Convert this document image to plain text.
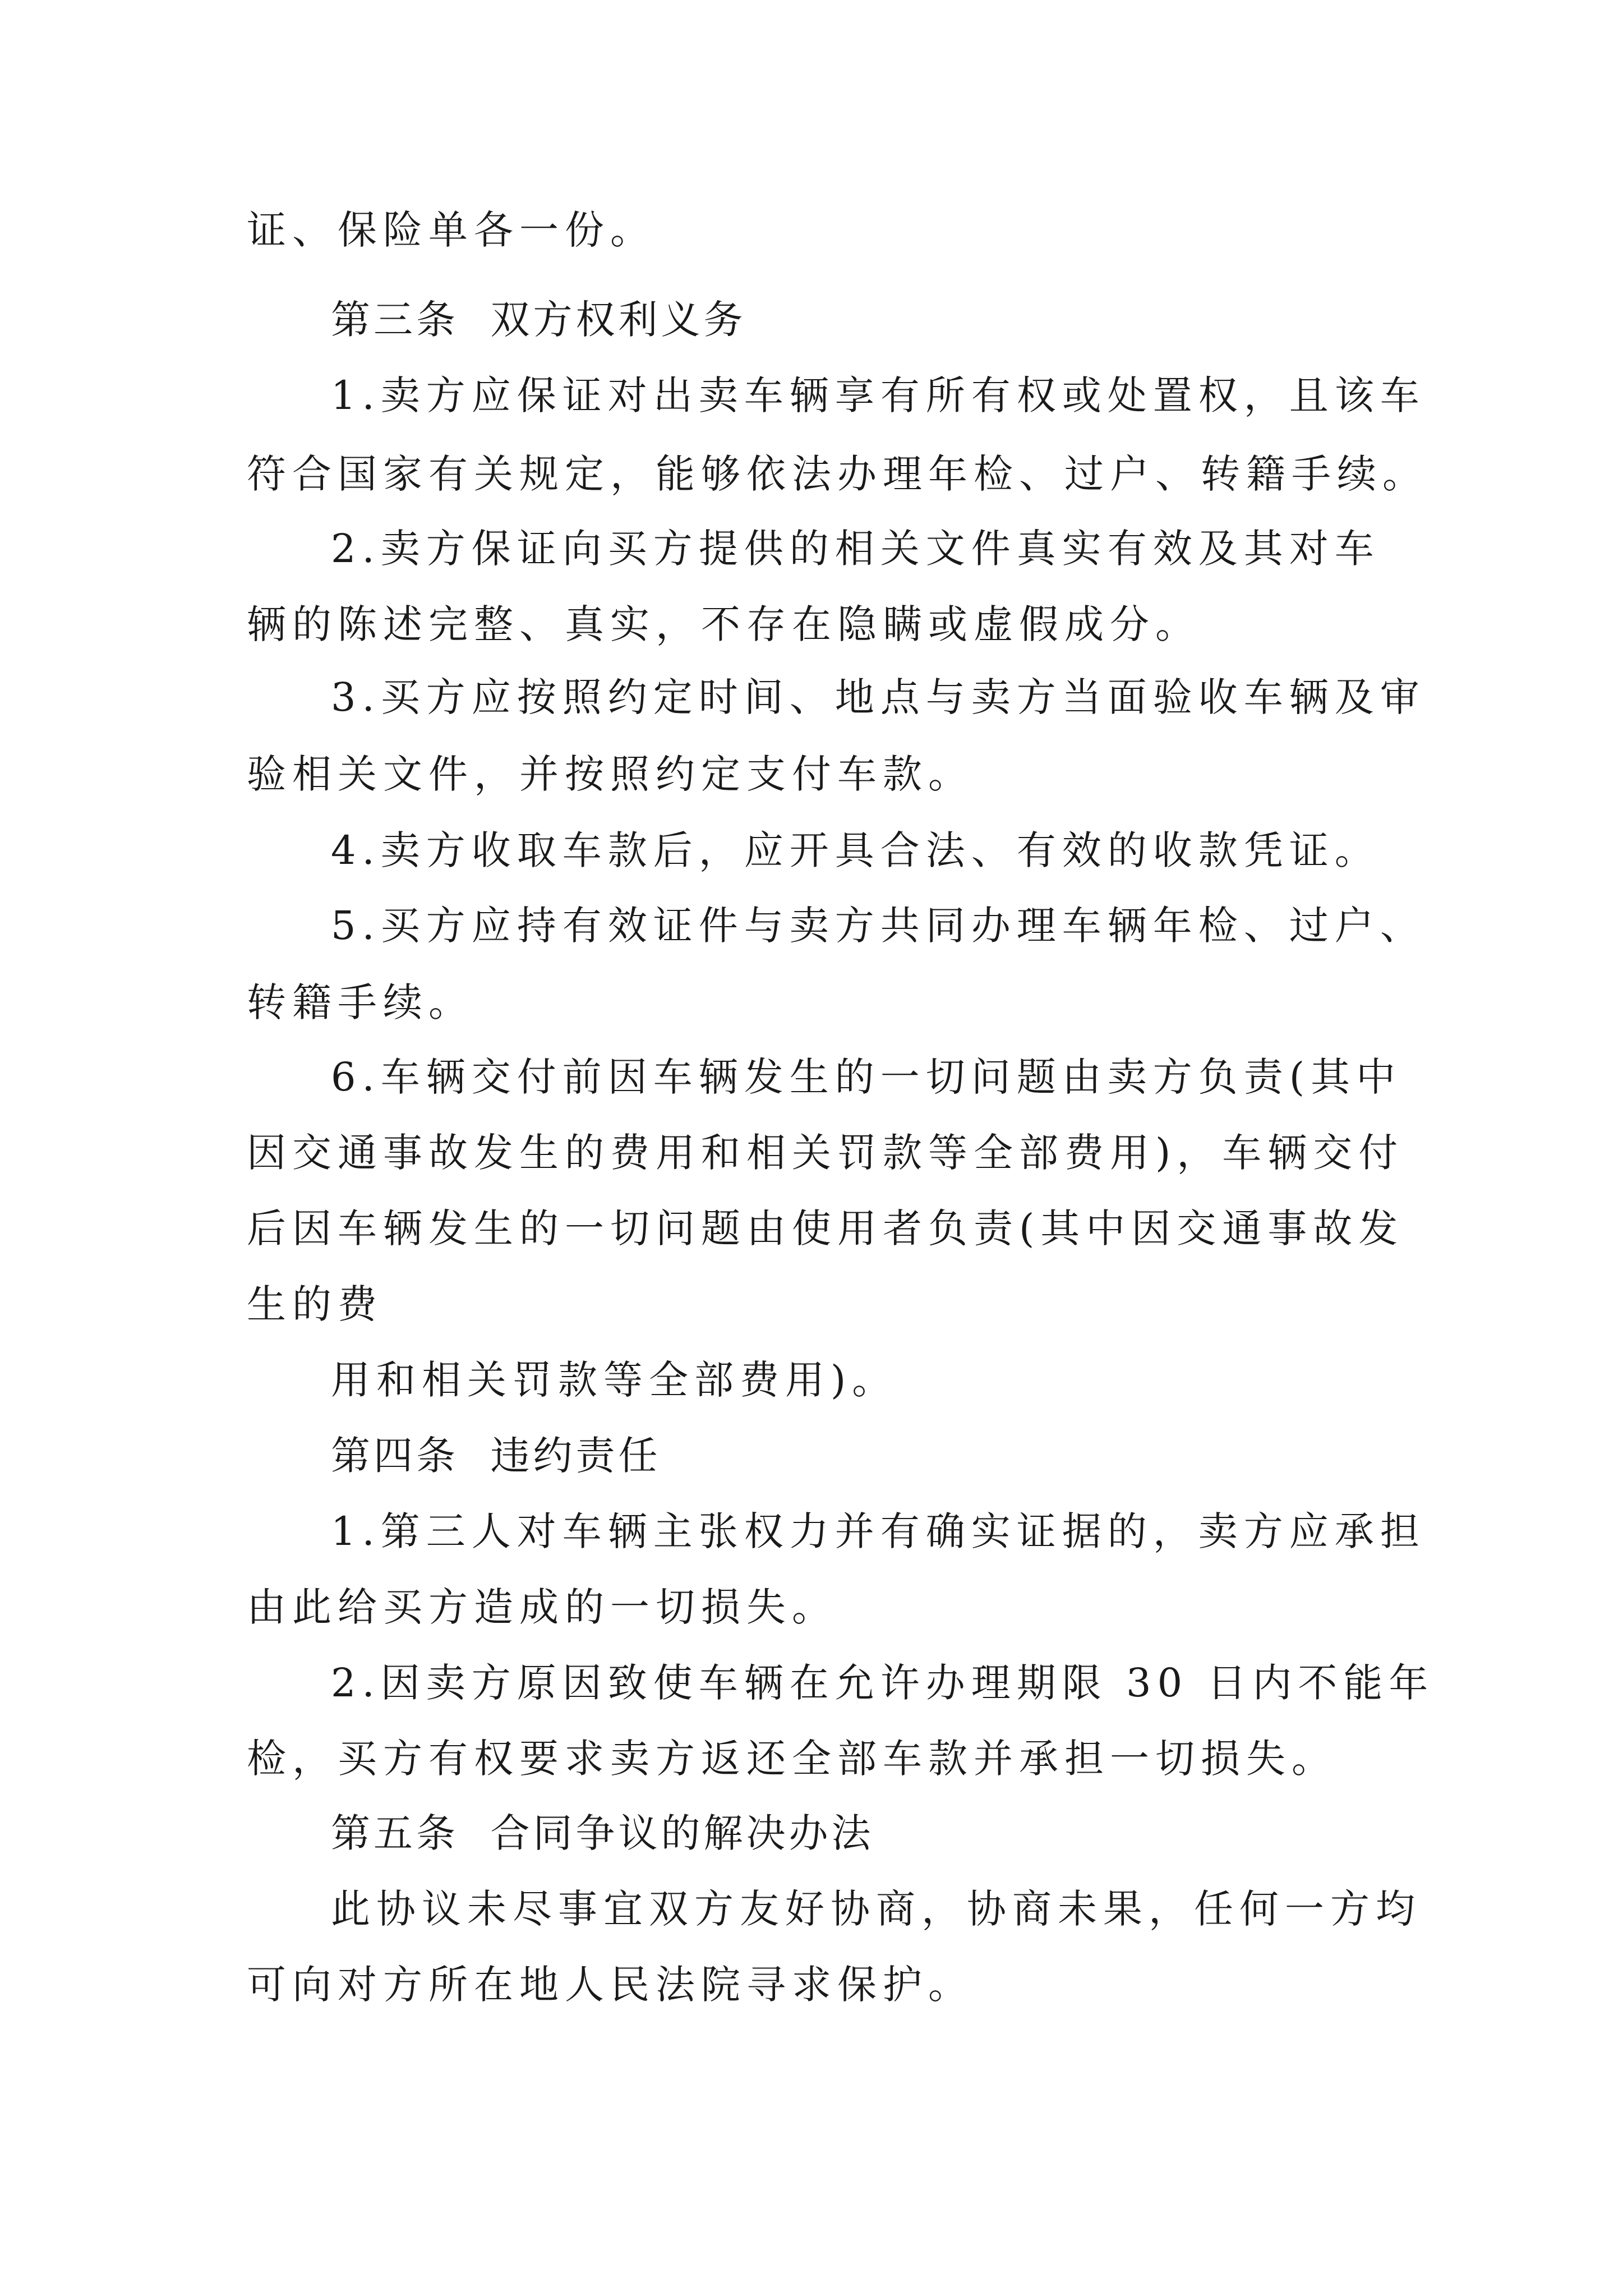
证、保险单各一份。
第三条  双方权利义务
1.卖方应保证对出卖车辆享有所有权或处置权，且该车
符合国家有关规定，能够依法办理年检、过户、转籍手续。
2.卖方保证向买方提供的相关文件真实有效及其对车
辆的陈述完整、真实，不存在隐瞒或虚假成分。
3.买方应按照约定时间、地点与卖方当面验收车辆及审
验相关文件，并按照约定支付车款。
4.卖方收取车款后，应开具合法、有效的收款凭证。
5.买方应持有效证件与卖方共同办理车辆年检、过户、
转籍手续。
6.车辆交付前因车辆发生的一切问题由卖方负责(其中
因交通事故发生的费用和相关罚款等全部费用)，车辆交付
后因车辆发生的一切问题由使用者负责(其中因交通事故发
生的费
用和相关罚款等全部费用)。
第四条  违约责任
1.第三人对车辆主张权力并有确实证据的，卖方应承担
由此给买方造成的一切损失。
2.因卖方原因致使车辆在允许办理期限 30 日内不能年
检，买方有权要求卖方返还全部车款并承担一切损失。
第五条  合同争议的解决办法
此协议未尽事宜双方友好协商，协商未果，任何一方均
可向对方所在地人民法院寻求保护。
